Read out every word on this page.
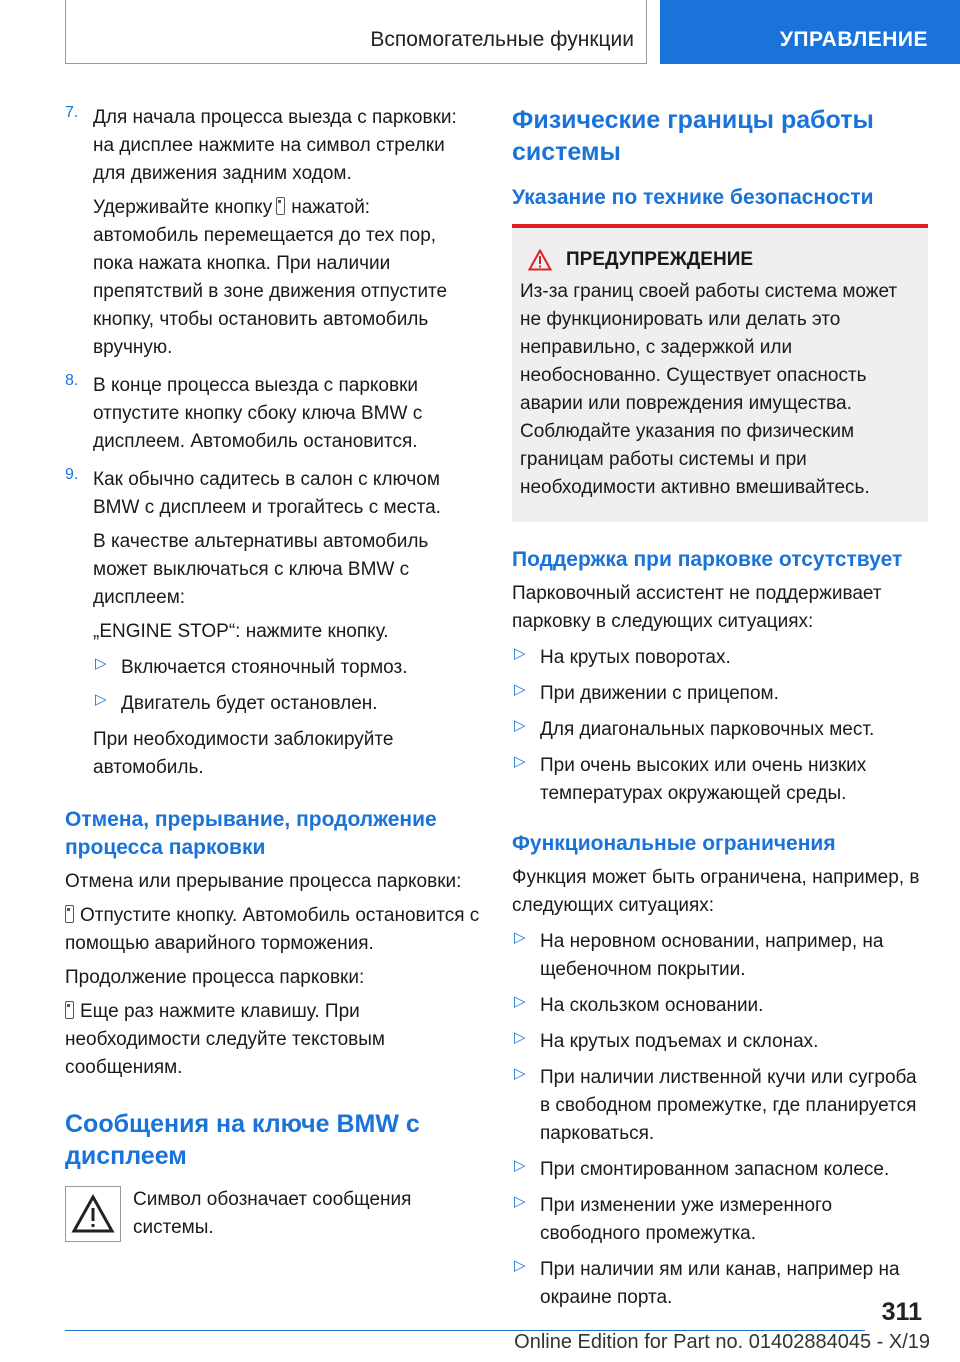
Вспомогательные функции	УПРАВЛЕНИЕ
7. Для начала процесса выезда с парковки: на дисплее нажмите на символ стрелки для движения задним ходом.

Удерживайте кнопку нажатой: автомобиль перемещается до тех пор, пока нажата кнопка. При наличии препятствий в зоне движения отпустите кнопку, чтобы остановить автомобиль вручную.

8. В конце процесса выезда с парковки отпустите кнопку сбоку ключа BMW с дисплеем. Автомобиль остановится.

9. Как обычно садитесь в салон с ключом BMW с дисплеем и трогайтесь с места.

В качестве альтернативы автомобиль может выключаться с ключа BMW с дисплеем:

„ENGINE STOP“: нажмите кнопку.

▷ Включается стояночный тормоз.

▷ Двигатель будет остановлен.

При необходимости заблокируйте автомобиль.

Отмена, прерывание, продолжение процесса парковки

Отмена или прерывание процесса парковки:

Отпустите кнопку. Автомобиль остановится с помощью аварийного торможения.

Продолжение процесса парковки:

Еще раз нажмите клавишу. При необходимости следуйте текстовым сообщениям.

Сообщения на ключе BMW с дисплеем

Символ обозначает сообщения системы.

Физические границы работы системы
Указание по технике безопасности
ПРЕДУПРЕЖДЕНИЕ

Из-за границ своей работы система может не функционировать или делать это неправильно, с задержкой или необоснованно. Существует опасность аварии или повреждения имущества. Соблюдайте указания по физическим границам работы системы и при необходимости активно вмешивайтесь.

Поддержка при парковке отсутствует

Парковочный ассистент не поддерживает парковку в следующих ситуациях:

▷ На крутых поворотах.

▷ При движении с прицепом.

▷ Для диагональных парковочных мест.

▷ При очень высоких или очень низких температурах окружающей среды.

Функциональные ограничения

Функция может быть ограничена, например, в следующих ситуациях:

▷ На неровном основании, например, на щебеночном покрытии.

▷ На скользком основании.

▷ На крутых подъемах и склонах.

▷ При наличии лиственной кучи или сугроба в свободном промежутке, где планируется парковаться.

▷ При смонтированном запасном колесе.

▷ При изменении уже измеренного свободного промежутка.

▷ При наличии ям или канав, например на окраине порта.

311
Online Edition for Part no. 01402884045 - X/19
